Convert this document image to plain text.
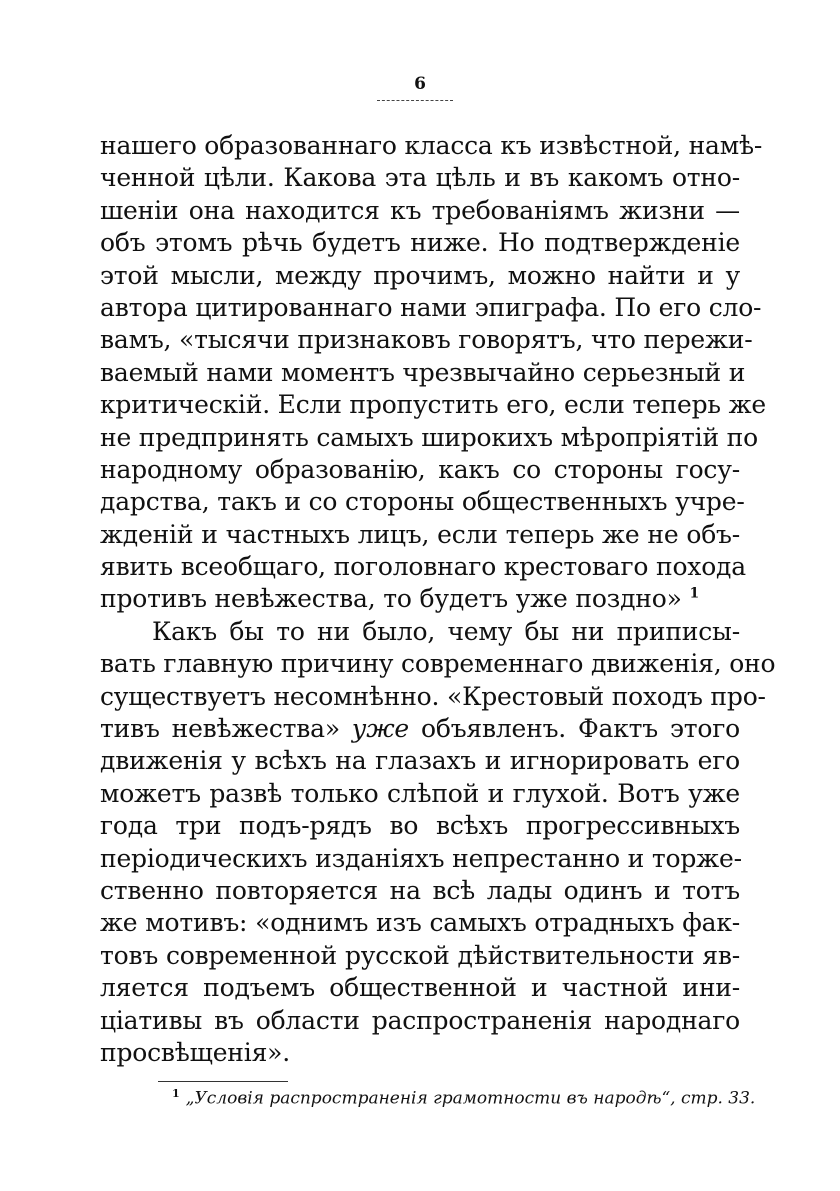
6
нашего образованнаго класса къ извѣстной, намѣ-
ченной цѣли. Какова эта цѣль и въ какомъ отно-
шеніи она находится къ требованіямъ жизни —
объ этомъ рѣчь будетъ ниже. Но подтвержденіе
этой мысли, между прочимъ, можно найти и у
автора цитированнаго нами эпиграфа. По его сло-
вамъ, «тысячи признаковъ говорятъ, что пережи-
ваемый нами моментъ чрезвычайно серьезный и
критическій. Если пропустить его, если теперь же
не предпринять самыхъ широкихъ мѣропріятій по
народному образованію, какъ со стороны госу-
дарства, такъ и со стороны общественныхъ учре-
жденій и частныхъ лицъ, если теперь же не объ-
явить всеобщаго, поголовнаго крестоваго похода
противъ невѣжества, то будетъ уже поздно» $^1$
Какъ бы то ни было, чему бы ни приписы-
вать главную причину современнаго движенія, оно
существуетъ несомнѣнно. «Крестовый походъ про-
тивъ невѣжества» уже объявленъ. Фактъ этого
движенія у всѣхъ на глазахъ и игнорировать его
можетъ развѣ только слѣпой и глухой. Вотъ уже
года три подъ-рядъ во всѣхъ прогрессивныхъ
періодическихъ изданіяхъ непрестанно и торже-
ственно повторяется на всѣ лады одинъ и тотъ
же мотивъ: «однимъ изъ самыхъ отрадныхъ фак-
товъ современной русской дѣйствительности яв-
ляется подъемъ общественной и частной ини-
ціативы въ области распространенія народнаго
просвѣщенія».
$^1$ „Условія распространенія грамотности въ народѣ“, стр. 33.
